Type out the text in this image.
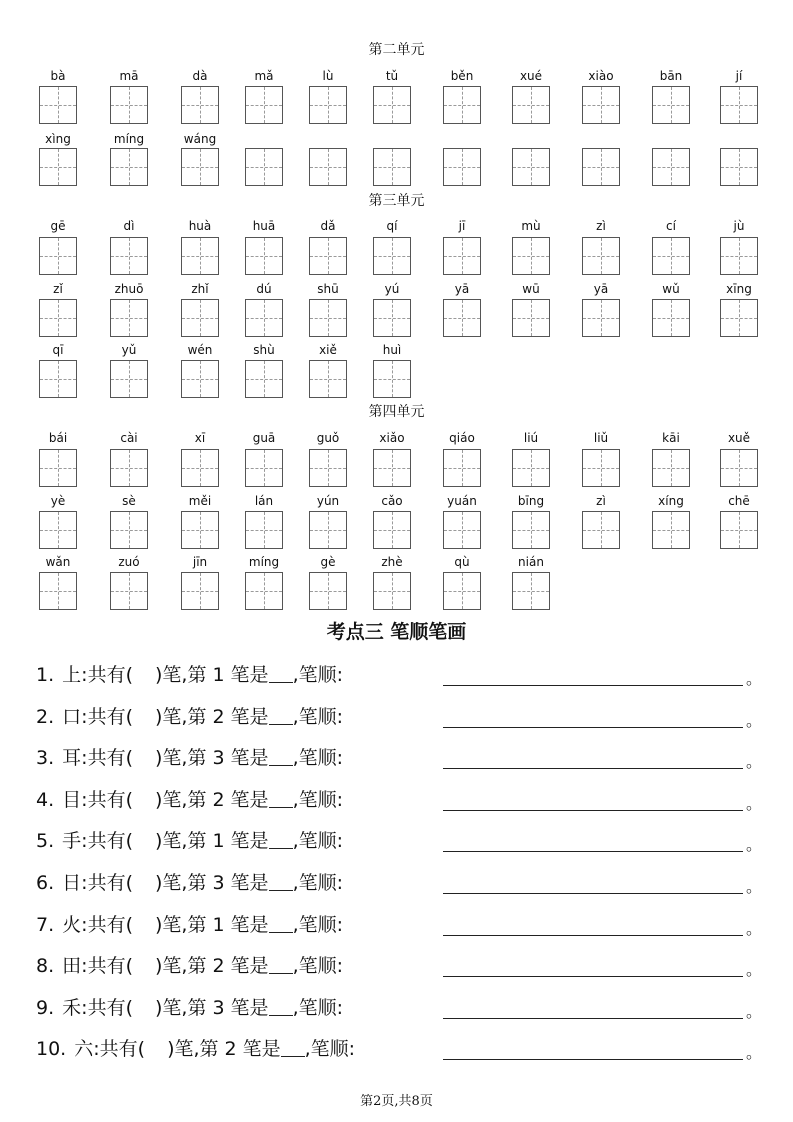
第二单元
bà	mā	dà	mǎ	lù	tǔ	běn	xué	xiào	bān	jí
xìng	míng	wáng
第三单元
gē	dì	huà	huā	dǎ	qí	jī	mù	zì	cí	jù
zǐ	zhuō	zhǐ	dú	shū	yú	yā	wū	yā	wǔ	xīng
qī	yǔ	wén	shù	xiě	huì
第四单元
bái	cài	xī	guā	guǒ	xiǎo	qiáo	liú	liǔ	kāi	xuě
yè	sè	měi	lán	yún	cǎo	yuán	bīng	zì	xíng	chē
wǎn	zuó	jīn	míng	gè	zhè	qù	nián
考点三 笔顺笔画
1. 上:共有( )笔,第 1 笔是 ,笔顺:	。
2. 口:共有( )笔,第 2 笔是 ,笔顺:	。
3. 耳:共有( )笔,第 3 笔是 ,笔顺:	。
4. 目:共有( )笔,第 2 笔是 ,笔顺:	。
5. 手:共有( )笔,第 1 笔是 ,笔顺:	。
6. 日:共有( )笔,第 3 笔是 ,笔顺:	。
7. 火:共有( )笔,第 1 笔是 ,笔顺:	。
8. 田:共有( )笔,第 2 笔是 ,笔顺:	。
9. 禾:共有( )笔,第 3 笔是 ,笔顺:	。
10. 六:共有( )笔,第 2 笔是 ,笔顺:	。
第2页,共8页
